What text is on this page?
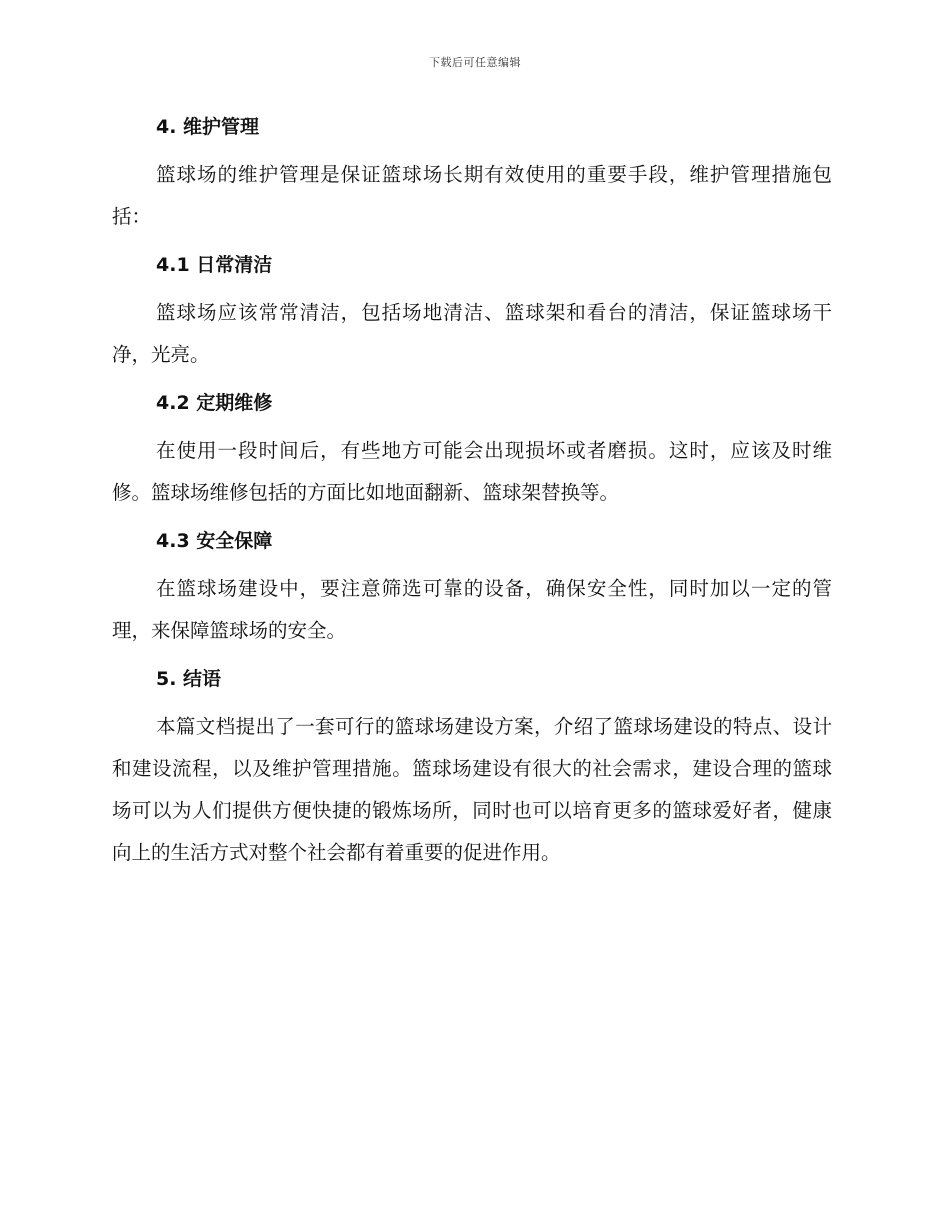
下载后可任意编辑
4. 维护管理

篮球场的维护管理是保证篮球场长期有效使用的重要手段，维护管理措施包括：

4.1 日常清洁

篮球场应该常常清洁，包括场地清洁、篮球架和看台的清洁，保证篮球场干净，光亮。

4.2 定期维修

在使用一段时间后，有些地方可能会出现损坏或者磨损。这时，应该及时维修。篮球场维修包括的方面比如地面翻新、篮球架替换等。

4.3 安全保障

在篮球场建设中，要注意筛选可靠的设备，确保安全性，同时加以一定的管理，来保障篮球场的安全。

5. 结语

本篇文档提出了一套可行的篮球场建设方案，介绍了篮球场建设的特点、设计和建设流程，以及维护管理措施。篮球场建设有很大的社会需求，建设合理的篮球场可以为人们提供方便快捷的锻炼场所，同时也可以培育更多的篮球爱好者，健康向上的生活方式对整个社会都有着重要的促进作用。
